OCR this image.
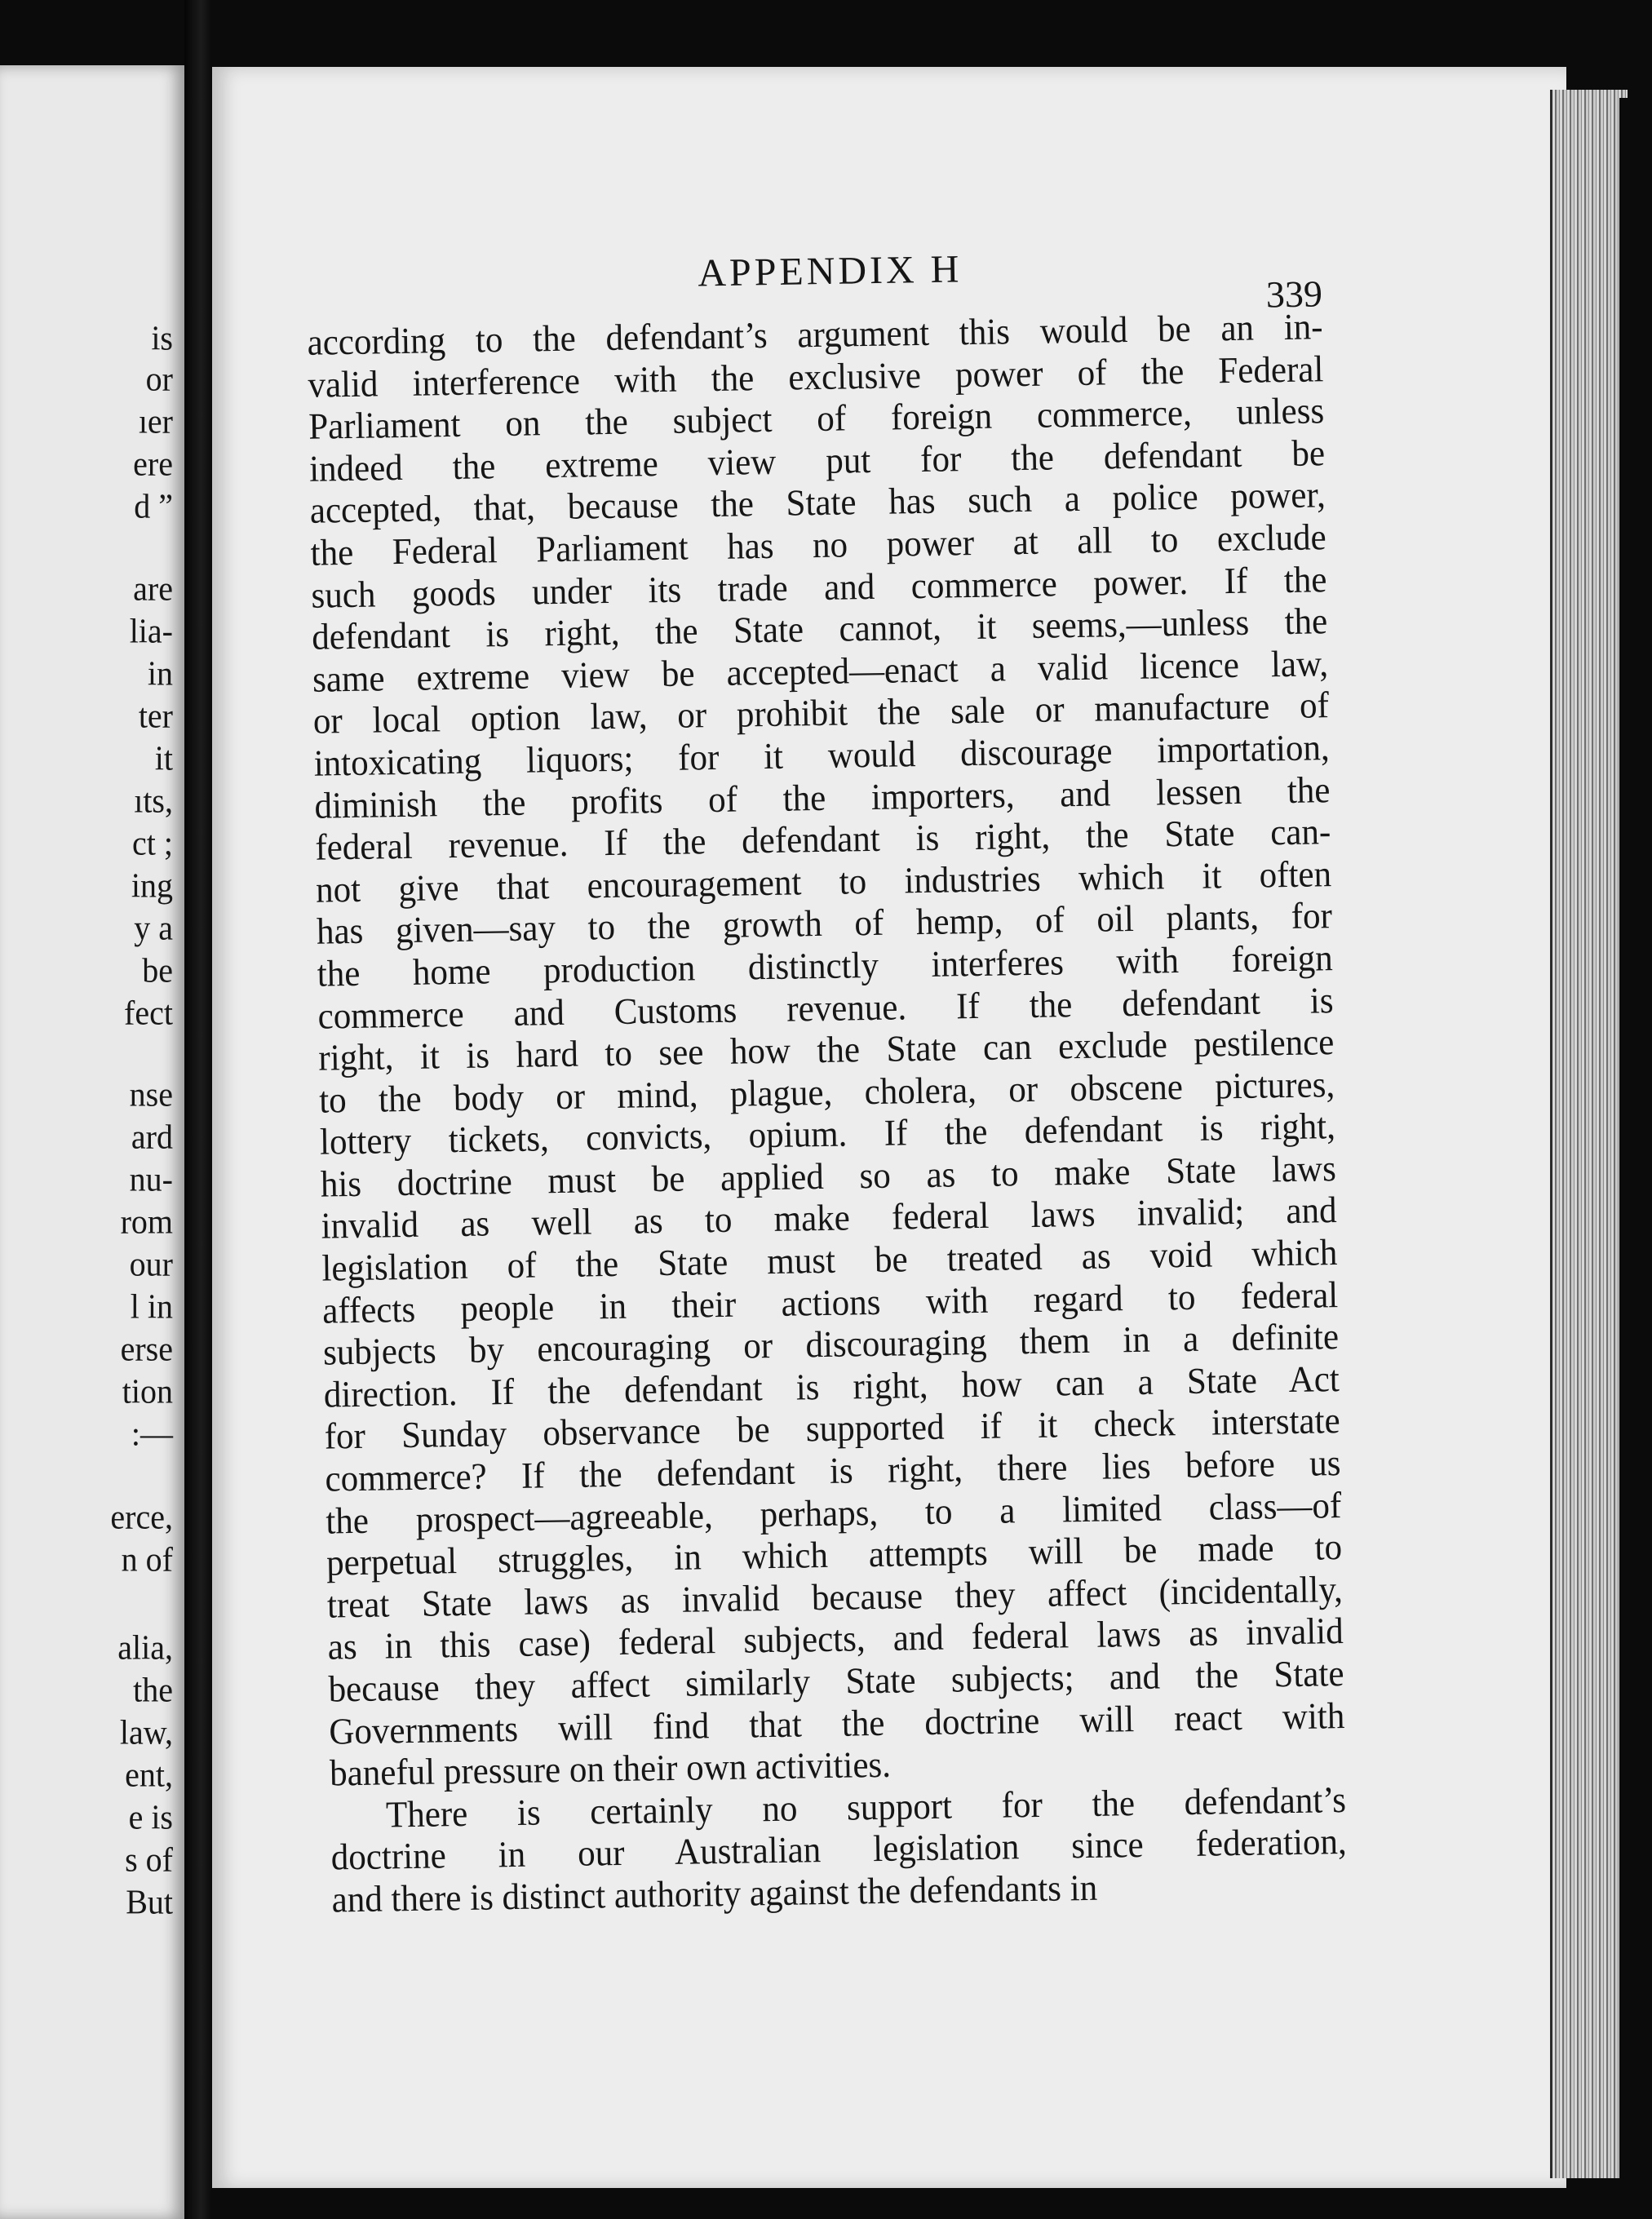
is
or
ıer
ere
d ”
are
lia-
in
ter
it
ıts,
ct ;
ing
y a
be
fect
nse
ard
nu-
rom
our
l in
erse
tion
:—
erce,
n of
alia,
the
law,
ent,
e is
s of
But
APPENDIX H	339
according to the defendant’s argument this would be an in-
valid interference with the exclusive power of the Federal
Parliament on the subject of foreign commerce, unless
indeed the extreme view put for the defendant be
accepted, that, because the State has such a police power,
the Federal Parliament has no power at all to exclude
such goods under its trade and commerce power. If the
defendant is right, the State cannot, it seems,—unless the
same extreme view be accepted—enact a valid licence law,
or local option law, or prohibit the sale or manufacture of
intoxicating liquors; for it would discourage importation,
diminish the profits of the importers, and lessen the
federal revenue. If the defendant is right, the State can-
not give that encouragement to industries which it often
has given—say to the growth of hemp, of oil plants, for
the home production distinctly interferes with foreign
commerce and Customs revenue. If the defendant is
right, it is hard to see how the State can exclude pestilence
to the body or mind, plague, cholera, or obscene pictures,
lottery tickets, convicts, opium. If the defendant is right,
his doctrine must be applied so as to make State laws
invalid as well as to make federal laws invalid; and
legislation of the State must be treated as void which
affects people in their actions with regard to federal
subjects by encouraging or discouraging them in a definite
direction. If the defendant is right, how can a State Act
for Sunday observance be supported if it check interstate
commerce? If the defendant is right, there lies before us
the prospect—agreeable, perhaps, to a limited class—of
perpetual struggles, in which attempts will be made to
treat State laws as invalid because they affect (incidentally,
as in this case) federal subjects, and federal laws as invalid
because they affect similarly State subjects; and the State
Governments will find that the doctrine will react with
baneful pressure on their own activities.
There is certainly no support for the defendant’s
doctrine in our Australian legislation since federation,
and there is distinct authority against the defendants in
